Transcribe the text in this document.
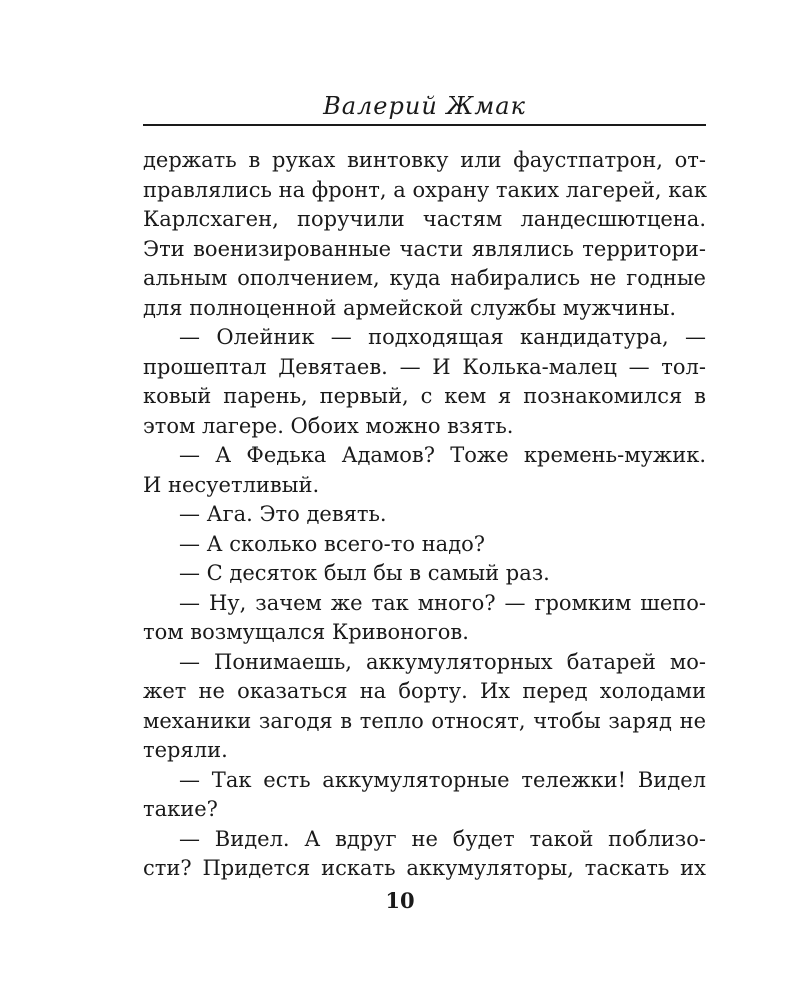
Валерий Жмак
держать в руках винтовку или фаустпатрон, от-
правлялись на фронт, а охрану таких лагерей, как
Карлсхаген, поручили частям ландесшютцена.
Эти военизированные части являлись территори-
альным ополчением, куда набирались не годные
для полноценной армейской службы мужчины.
— Олейник — подходящая кандидатура, —
прошептал Девятаев. — И Колька-малец — тол-
ковый парень, первый, с кем я познакомился в
этом лагере. Обоих можно взять.
— А Федька Адамов? Тоже кремень-мужик.
И несуетливый.
— Ага. Это девять.
— А сколько всего-то надо?
— С десяток был бы в самый раз.
— Ну, зачем же так много? — громким шепо-
том возмущался Кривоногов.
— Понимаешь, аккумуляторных батарей мо-
жет не оказаться на борту. Их перед холодами
механики загодя в тепло относят, чтобы заряд не
теряли.
— Так есть аккумуляторные тележки! Видел
такие?
— Видел. А вдруг не будет такой поблизо-
сти? Придется искать аккумуляторы, таскать их
10
